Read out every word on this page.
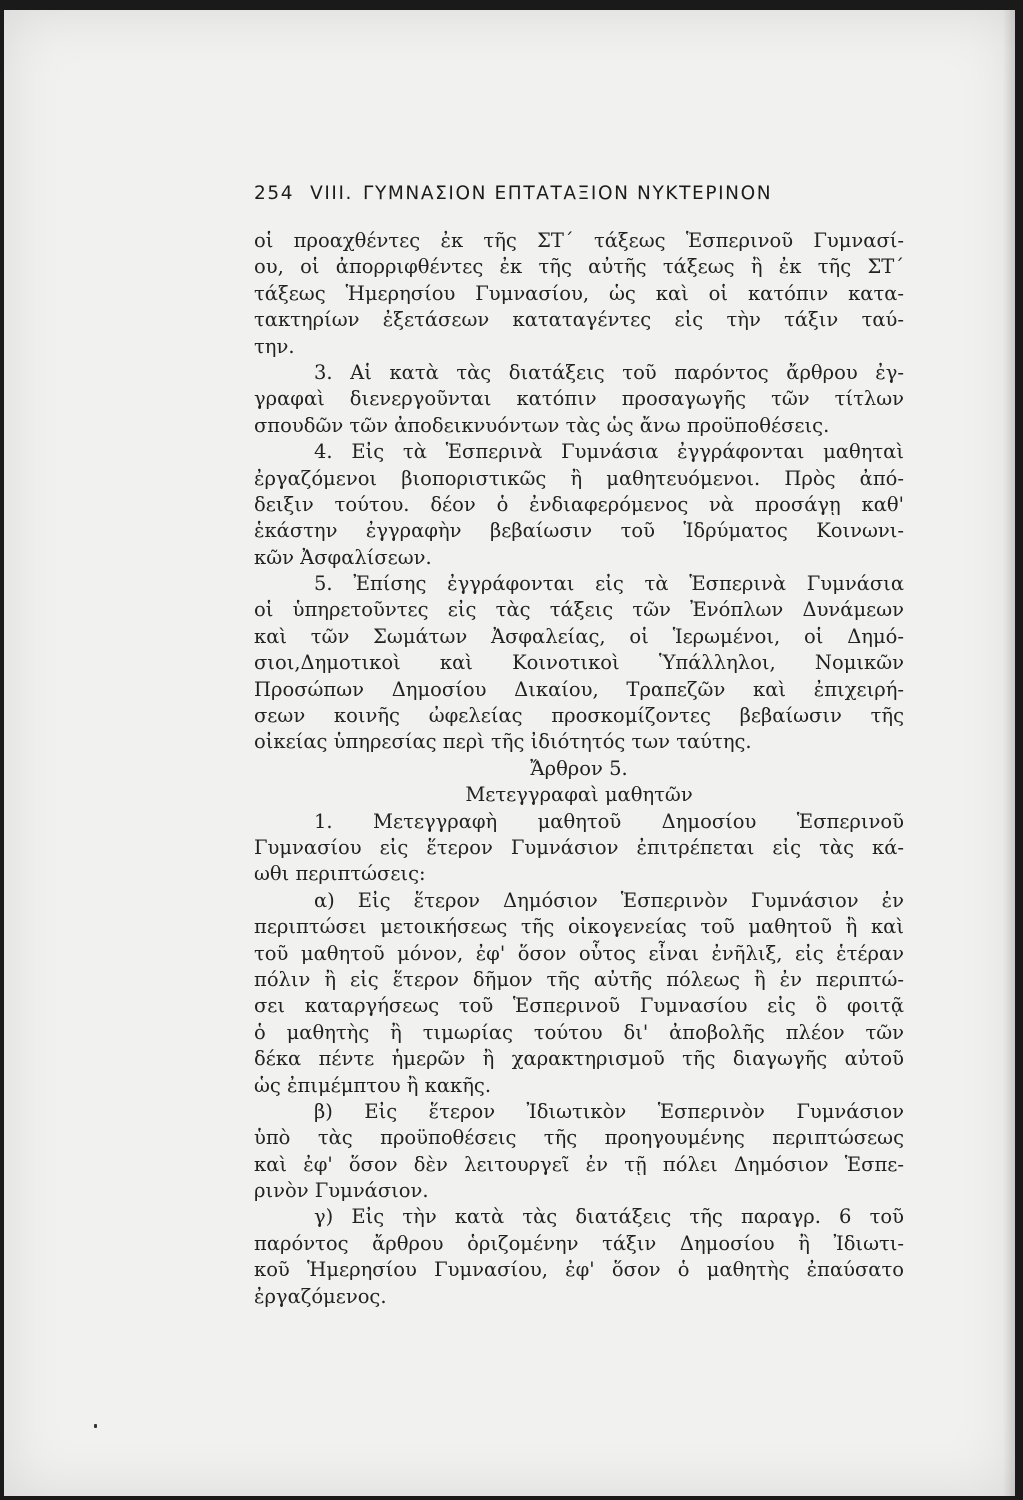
254 VIII. ΓΥΜΝΑΣΙΟΝ ΕΠΤΑΤΑΞΙΟΝ ΝΥΚΤΕΡΙΝΟΝ
οἱ προαχθέντες ἐκ τῆς ΣΤ΄ τάξεως Ἑσπερινοῦ Γυμνασί-
ου, οἱ ἀπορριφθέντες ἐκ τῆς αὐτῆς τάξεως ἢ ἐκ τῆς ΣΤ΄
τάξεως Ἡμερησίου Γυμνασίου, ὡς καὶ οἱ κατόπιν κατα-
τακτηρίων ἐξετάσεων καταταγέντες εἰς τὴν τάξιν ταύ-
την.
3. Αἱ κατὰ τὰς διατάξεις τοῦ παρόντος ἄρθρου ἐγ-
γραφαὶ διενεργοῦνται κατόπιν προσαγωγῆς τῶν τίτλων
σπουδῶν τῶν ἀποδεικνυόντων τὰς ὡς ἄνω προϋποθέσεις.
4. Εἰς τὰ Ἑσπερινὰ Γυμνάσια ἐγγράφονται μαθηταὶ
ἐργαζόμενοι βιοποριστικῶς ἢ μαθητευόμενοι. Πρὸς ἀπό-
δειξιν τούτου. δέον ὁ ἐνδιαφερόμενος νὰ προσάγῃ καθ'
ἑκάστην ἐγγραφὴν βεβαίωσιν τοῦ Ἱδρύματος Κοινωνι-
κῶν Ἀσφαλίσεων.
5. Ἐπίσης ἐγγράφονται εἰς τὰ Ἑσπερινὰ Γυμνάσια
οἱ ὑπηρετοῦντες εἰς τὰς τάξεις τῶν Ἐνόπλων Δυνάμεων
καὶ τῶν Σωμάτων Ἀσφαλείας, οἱ Ἱερωμένοι, οἱ Δημό-
σιοι,Δημοτικοὶ καὶ Κοινοτικοὶ Ὑπάλληλοι, Νομικῶν
Προσώπων Δημοσίου Δικαίου, Τραπεζῶν καὶ ἐπιχειρή-
σεων κοινῆς ὠφελείας προσκομίζοντες βεβαίωσιν τῆς
οἰκείας ὑπηρεσίας περὶ τῆς ἰδιότητός των ταύτης.
Ἄρθρον 5.
Μετεγγραφαὶ μαθητῶν
1. Μετεγγραφὴ μαθητοῦ Δημοσίου Ἑσπερινοῦ
Γυμνασίου εἰς ἕτερον Γυμνάσιον ἐπιτρέπεται εἰς τὰς κά-
ωθι περιπτώσεις:
α) Εἰς ἕτερον Δημόσιον Ἑσπερινὸν Γυμνάσιον ἐν
περιπτώσει μετοικήσεως τῆς οἰκογενείας τοῦ μαθητοῦ ἢ καὶ
τοῦ μαθητοῦ μόνον, ἐφ' ὅσον οὗτος εἶναι ἐνῆλιξ, εἰς ἑτέραν
πόλιν ἢ εἰς ἕτερον δῆμον τῆς αὐτῆς πόλεως ἢ ἐν περιπτώ-
σει καταργήσεως τοῦ Ἑσπερινοῦ Γυμνασίου εἰς ὃ φοιτᾷ
ὁ μαθητὴς ἢ τιμωρίας τούτου δι' ἀποβολῆς πλέον τῶν
δέκα πέντε ἡμερῶν ἢ χαρακτηρισμοῦ τῆς διαγωγῆς αὐτοῦ
ὡς ἐπιμέμπτου ἢ κακῆς.
β) Εἰς ἕτερον Ἰδιωτικὸν Ἑσπερινὸν Γυμνάσιον
ὑπὸ τὰς προϋποθέσεις τῆς προηγουμένης περιπτώσεως
καὶ ἐφ' ὅσον δὲν λειτουργεῖ ἐν τῇ πόλει Δημόσιον Ἑσπε-
ρινὸν Γυμνάσιον.
γ) Εἰς τὴν κατὰ τὰς διατάξεις τῆς παραγρ. 6 τοῦ
παρόντος ἄρθρου ὁριζομένην τάξιν Δημοσίου ἢ Ἰδιωτι-
κοῦ Ἡμερησίου Γυμνασίου, ἐφ' ὅσον ὁ μαθητὴς ἐπαύσατο
ἐργαζόμενος.
